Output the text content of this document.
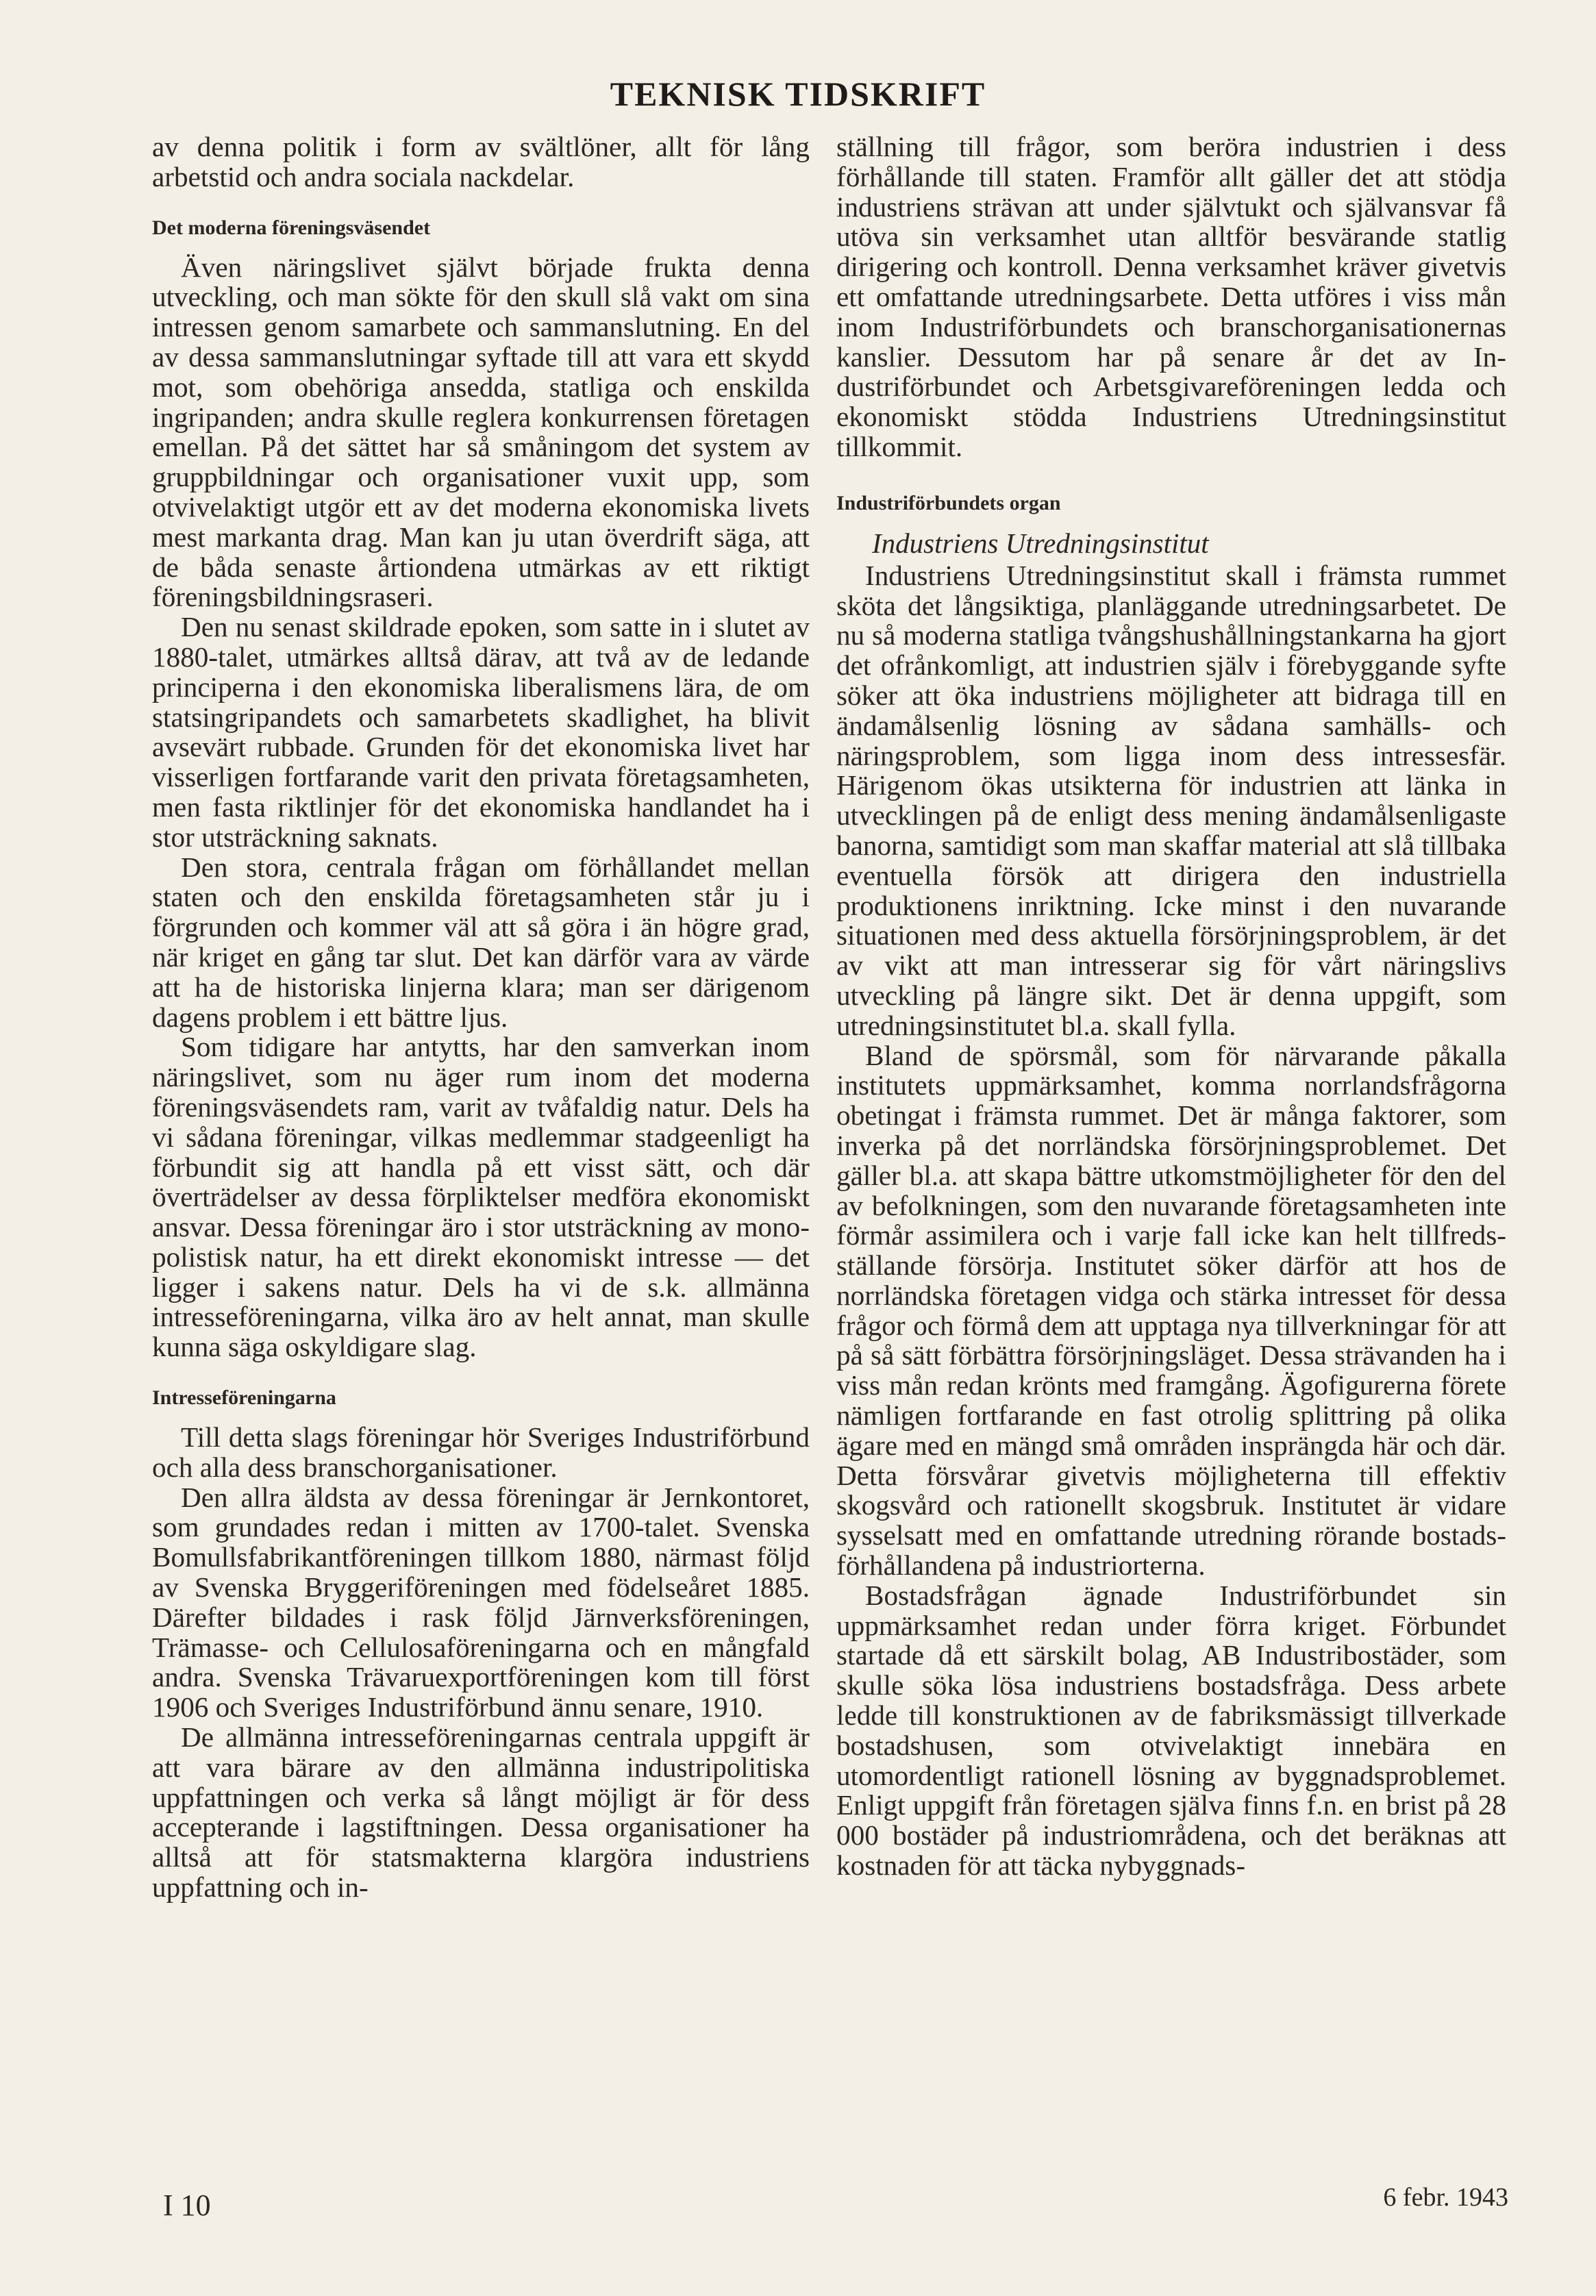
TEKNISK TIDSKRIFT

av denna politik i form av svältlöner, allt för lång arbetstid och andra sociala nackdelar.

Det moderna föreningsväsendet

Även näringslivet självt började frukta denna utveckling, och man sökte för den skull slå vakt om sina intressen genom samarbete och sammanslutning. En del av dessa sammanslutningar syftade till att vara ett skydd mot, som obehöriga ansedda, statliga och enskilda ingripanden; andra skulle reglera konkurrensen företagen emellan. På det sättet har så småningom det system av gruppbildningar och organisationer vuxit upp, som otvivelaktigt utgör ett av det moderna ekonomiska livets mest markanta drag. Man kan ju utan överdrift säga, att de båda senaste årtiondena utmärkas av ett riktigt föreningsbildningsraseri.

Den nu senast skildrade epoken, som satte in i slutet av 1880-talet, utmärkes alltså därav, att två av de ledande principerna i den ekonomiska liberalismens lära, de om statsingripandets och samarbetets skadlighet, ha blivit avsevärt rubbade. Grunden för det ekonomiska livet har visserligen fortfarande varit den privata företagsamheten, men fasta riktlinjer för det ekonomiska handlandet ha i stor utsträckning saknats.

Den stora, centrala frågan om förhållandet mellan staten och den enskilda företagsamheten står ju i förgrunden och kommer väl att så göra i än högre grad, när kriget en gång tar slut. Det kan därför vara av värde att ha de historiska linjerna klara; man ser därigenom dagens problem i ett bättre ljus.

Som tidigare har antytts, har den samverkan inom näringslivet, som nu äger rum inom det moderna föreningsväsendets ram, varit av tvåfaldig natur. Dels ha vi sådana föreningar, vilkas medlemmar stadgeenligt ha förbundit sig att handla på ett visst sätt, och där överträdelser av dessa förpliktelser medföra ekonomiskt ansvar. Dessa föreningar äro i stor utsträckning av monopolistisk natur, ha ett direkt ekonomiskt intresse — det ligger i sakens natur. Dels ha vi de s.k. allmänna intresseföreningarna, vilka äro av helt annat, man skulle kunna säga oskyldigare slag.

Intresseföreningarna

Till detta slags föreningar hör Sveriges Industriförbund och alla dess branschorganisationer.

Den allra äldsta av dessa föreningar är Jernkontoret, som grundades redan i mitten av 1700-talet. Svenska Bomullsfabrikantföreningen tillkom 1880, närmast följd av Svenska Bryggeriföreningen med födelseåret 1885. Därefter bildades i rask följd Järnverksföreningen, Trämasse- och Cellulosaföreningarna och en mångfald andra. Svenska Trävaruexportföreningen kom till först 1906 och Sveriges Industriförbund ännu senare, 1910.

De allmänna intresseföreningarnas centrala uppgift är att vara bärare av den allmänna industripolitiska uppfattningen och verka så långt möjligt är för dess accepterande i lagstiftningen. Dessa organisationer ha alltså att för statsmakterna klargöra industriens uppfattning och in-

ställning till frågor, som beröra industrien i dess förhållande till staten. Framför allt gäller det att stödja industriens strävan att under självtukt och självansvar få utöva sin verksamhet utan alltför besvärande statlig dirigering och kontroll. Denna verksamhet kräver givetvis ett omfattande utredningsarbete. Detta utföres i viss mån inom Industriförbundets och branschorganisationernas kanslier. Dessutom har på senare år det av Industriförbundet och Arbetsgivareföreningen ledda och ekonomiskt stödda Industriens Utredningsinstitut tillkommit.

Industriförbundets organ
Industriens Utredningsinstitut

Industriens Utredningsinstitut skall i främsta rummet sköta det långsiktiga, planläggande utredningsarbetet. De nu så moderna statliga tvångshushållningstankarna ha gjort det ofrånkomligt, att industrien själv i förebyggande syfte söker att öka industriens möjligheter att bidraga till en ändamålsenlig lösning av sådana samhälls- och näringsproblem, som ligga inom dess intressesfär. Härigenom ökas utsikterna för industrien att länka in utvecklingen på de enligt dess mening ändamålsenligaste banorna, samtidigt som man skaffar material att slå tillbaka eventuella försök att dirigera den industriella produktionens inriktning. Icke minst i den nuvarande situationen med dess aktuella försörjningsproblem, är det av vikt att man intresserar sig för vårt näringslivs utveckling på längre sikt. Det är denna uppgift, som utredningsinstitutet bl.a. skall fylla.

Bland de spörsmål, som för närvarande påkalla institutets uppmärksamhet, komma norrlandsfrågorna obetingat i främsta rummet. Det är många faktorer, som inverka på det norrländska försörjningsproblemet. Det gäller bl.a. att skapa bättre utkomstmöjligheter för den del av befolkningen, som den nuvarande företagsamheten inte förmår assimilera och i varje fall icke kan helt tillfredsställande försörja. Institutet söker därför att hos de norrländska företagen vidga och stärka intresset för dessa frågor och förmå dem att upptaga nya tillverkningar för att på så sätt förbättra försörjningsläget. Dessa strävanden ha i viss mån redan krönts med framgång. Ägofigurerna förete nämligen fortfarande en fast otrolig splittring på olika ägare med en mängd små områden insprängda här och där. Detta försvårar givetvis möjligheterna till effektiv skogsvård och rationellt skogsbruk. Institutet är vidare sysselsatt med en omfattande utredning rörande bostadsförhållandena på industriorterna.

Bostadsfrågan ägnade Industriförbundet sin uppmärksamhet redan under förra kriget. Förbundet startade då ett särskilt bolag, AB Industribostäder, som skulle söka lösa industriens bostadsfråga. Dess arbete ledde till konstruktionen av de fabriksmässigt tillverkade bostadshusen, som otvivelaktigt innebära en utomordentligt rationell lösning av byggnadsproblemet. Enligt uppgift från företagen själva finns f.n. en brist på 28 000 bostäder på industriområdena, och det beräknas att kostnaden för att täcka nybyggnads-

I 10	6 febr. 1943
